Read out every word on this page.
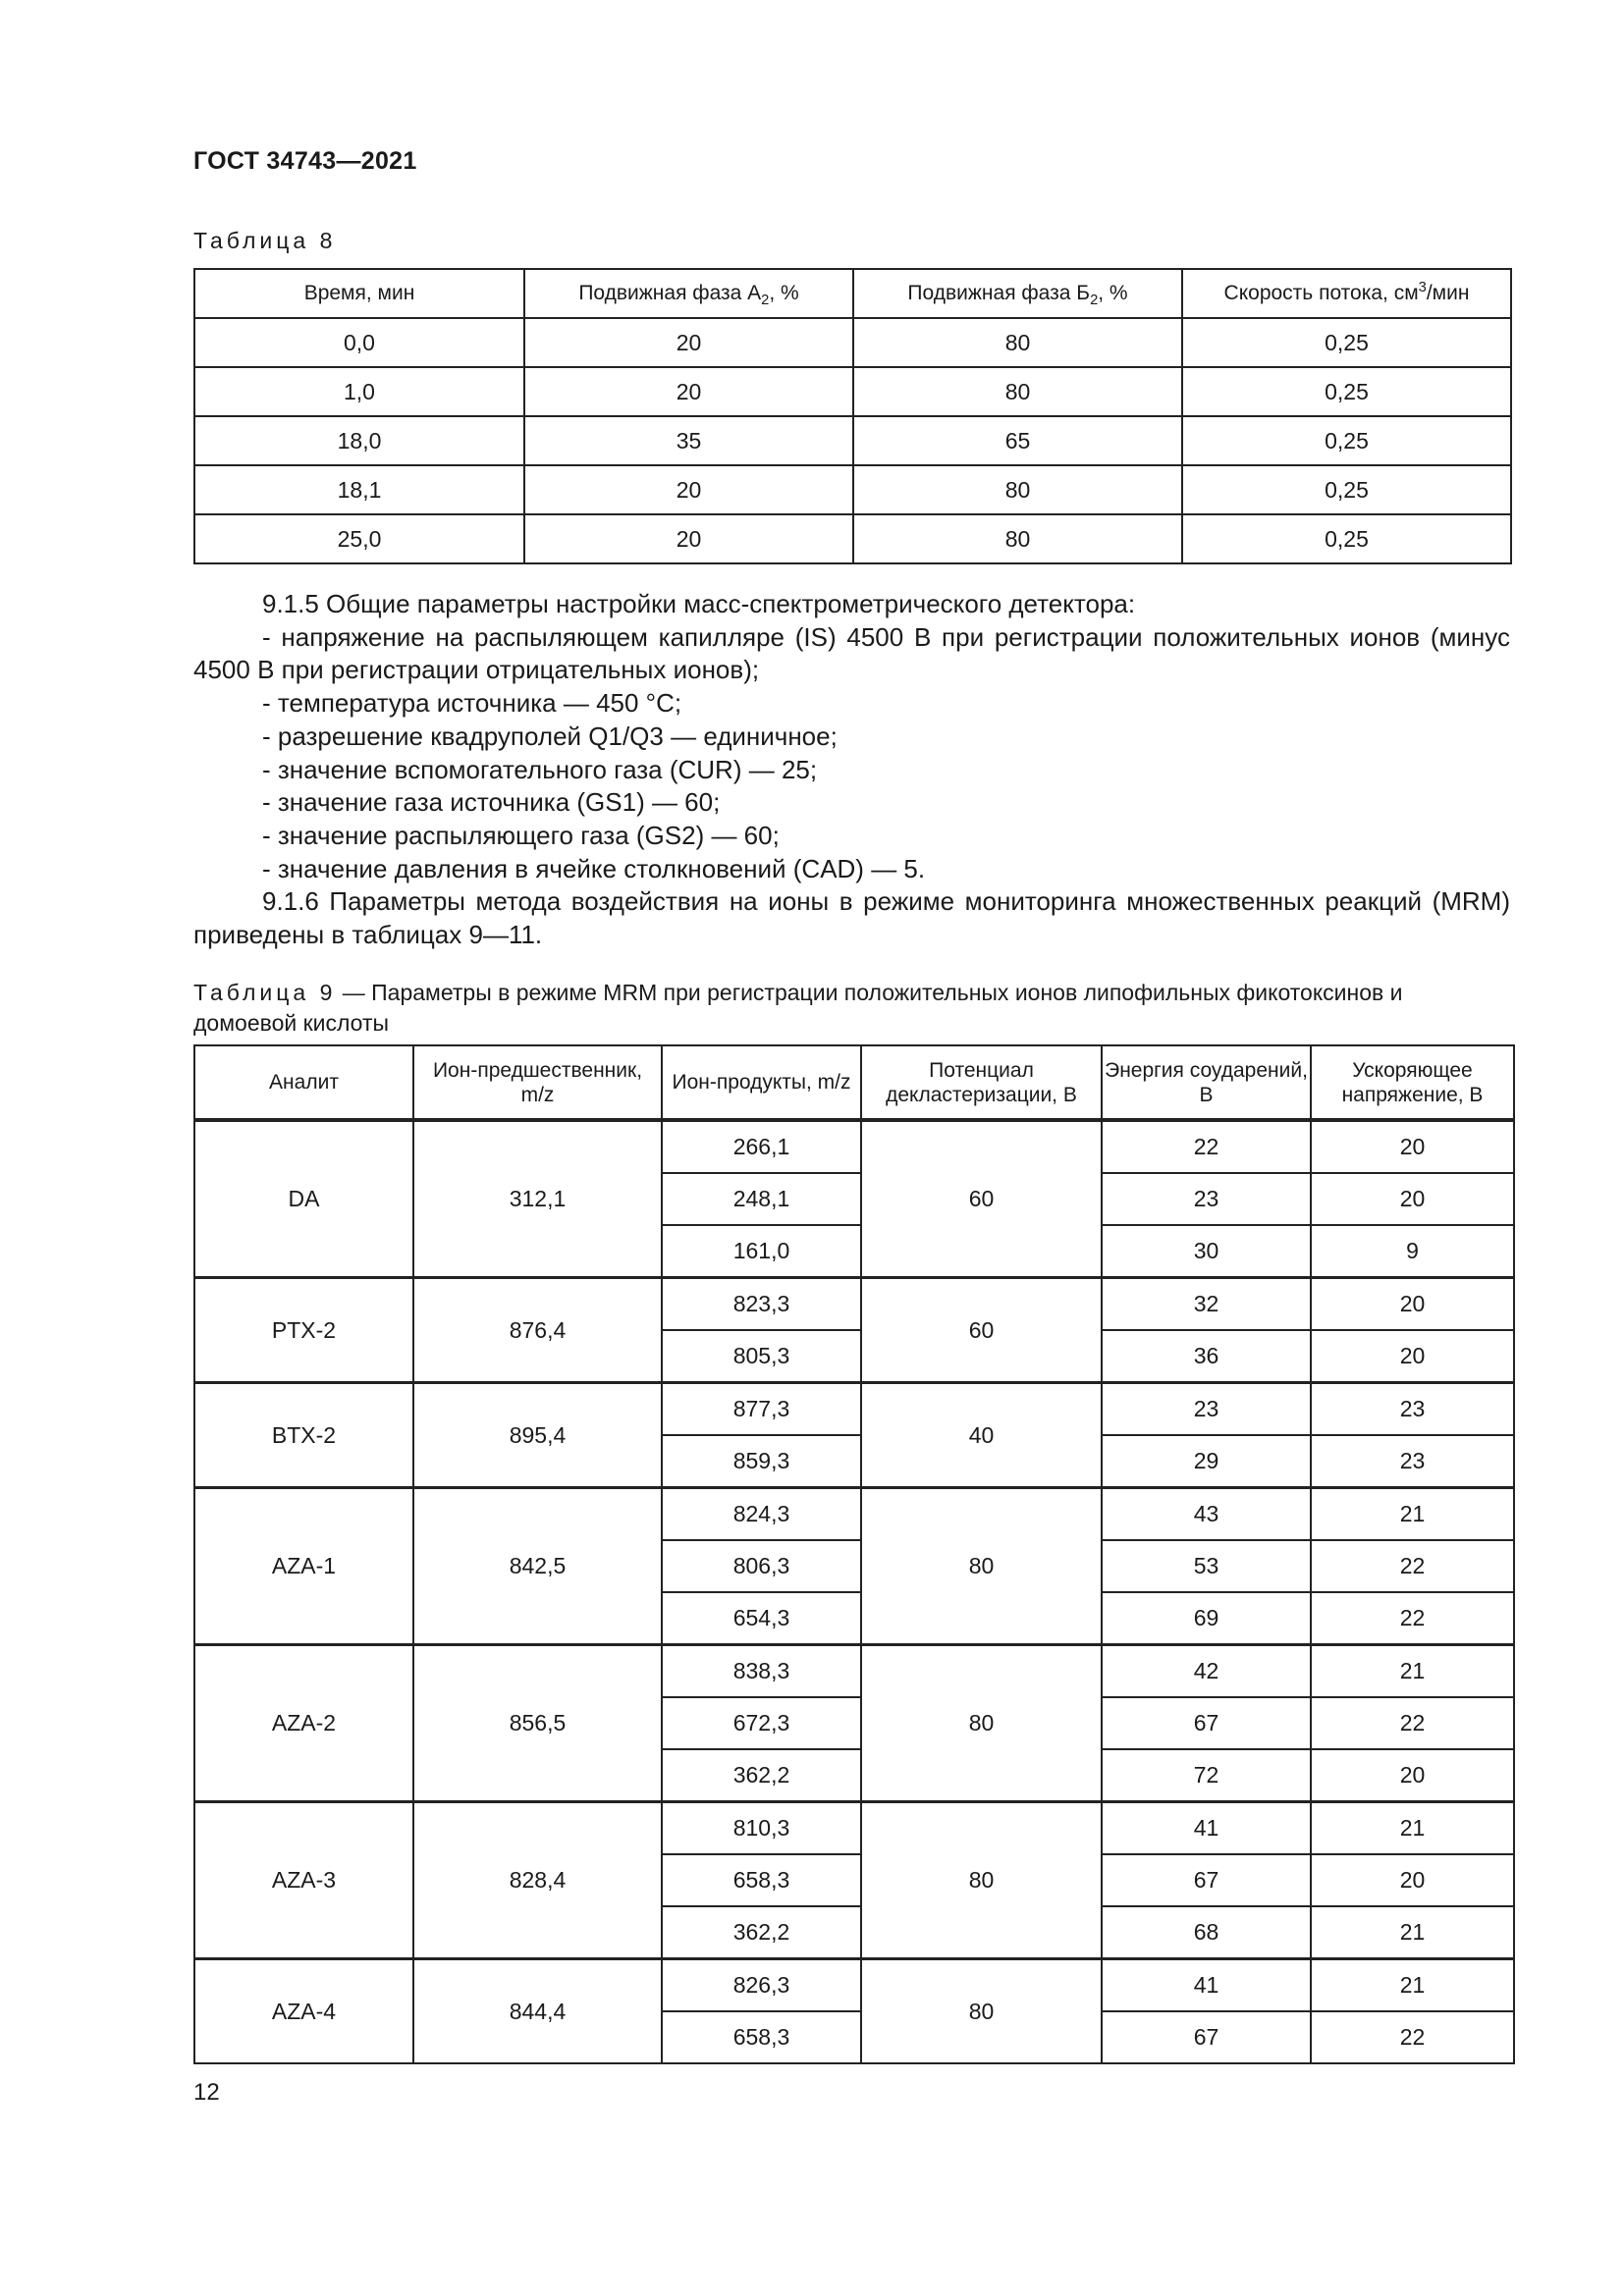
ГОСТ 34743—2021
Таблица 8
Время, мин	Подвижная фаза $А_2$, %	Подвижная фаза $Б_2$, %	Скорость потока, $см^3$/мин
0,0	20	80	0,25
1,0	20	80	0,25
18,0	35	65	0,25
18,1	20	80	0,25
25,0	20	80	0,25

9.1.5 Общие параметры настройки масс-спектрометрического детектора:

- напряжение на распыляющем капилляре (IS) 4500 В при регистрации положительных ионов (минус 4500 В при регистрации отрицательных ионов);

- температура источника — 450 °С;

- разрешение квадруполей Q1/Q3 — единичное;

- значение вспомогательного газа (CUR) — 25;

- значение газа источника (GS1) — 60;

- значение распыляющего газа (GS2) — 60;

- значение давления в ячейке столкновений (CAD) — 5.

9.1.6 Параметры метода воздействия на ионы в режиме мониторинга множественных реакций (MRM) приведены в таблицах 9—11.

Таблица 9 — Параметры в режиме MRM при регистрации положительных ионов липофильных фикотоксинов и домоевой кислоты
Аналит	Ион-предшественник, m/z	Ион-продукты, m/z	Потенциал декластеризации, В	Энергия соударений, В	Ускоряющее напряжение, В
DA	312,1	266,1	60	22	20
		248,1		23	20
		161,0		30	9
PTX-2	876,4	823,3	60	32	20
		805,3		36	20
BTX-2	895,4	877,3	40	23	23
		859,3		29	23
AZA-1	842,5	824,3	80	43	21
		806,3		53	22
		654,3		69	22
AZA-2	856,5	838,3	80	42	21
		672,3		67	22
		362,2		72	20
AZA-3	828,4	810,3	80	41	21
		658,3		67	20
		362,2		68	21
AZA-4	844,4	826,3	80	41	21
		658,3		67	22
12
